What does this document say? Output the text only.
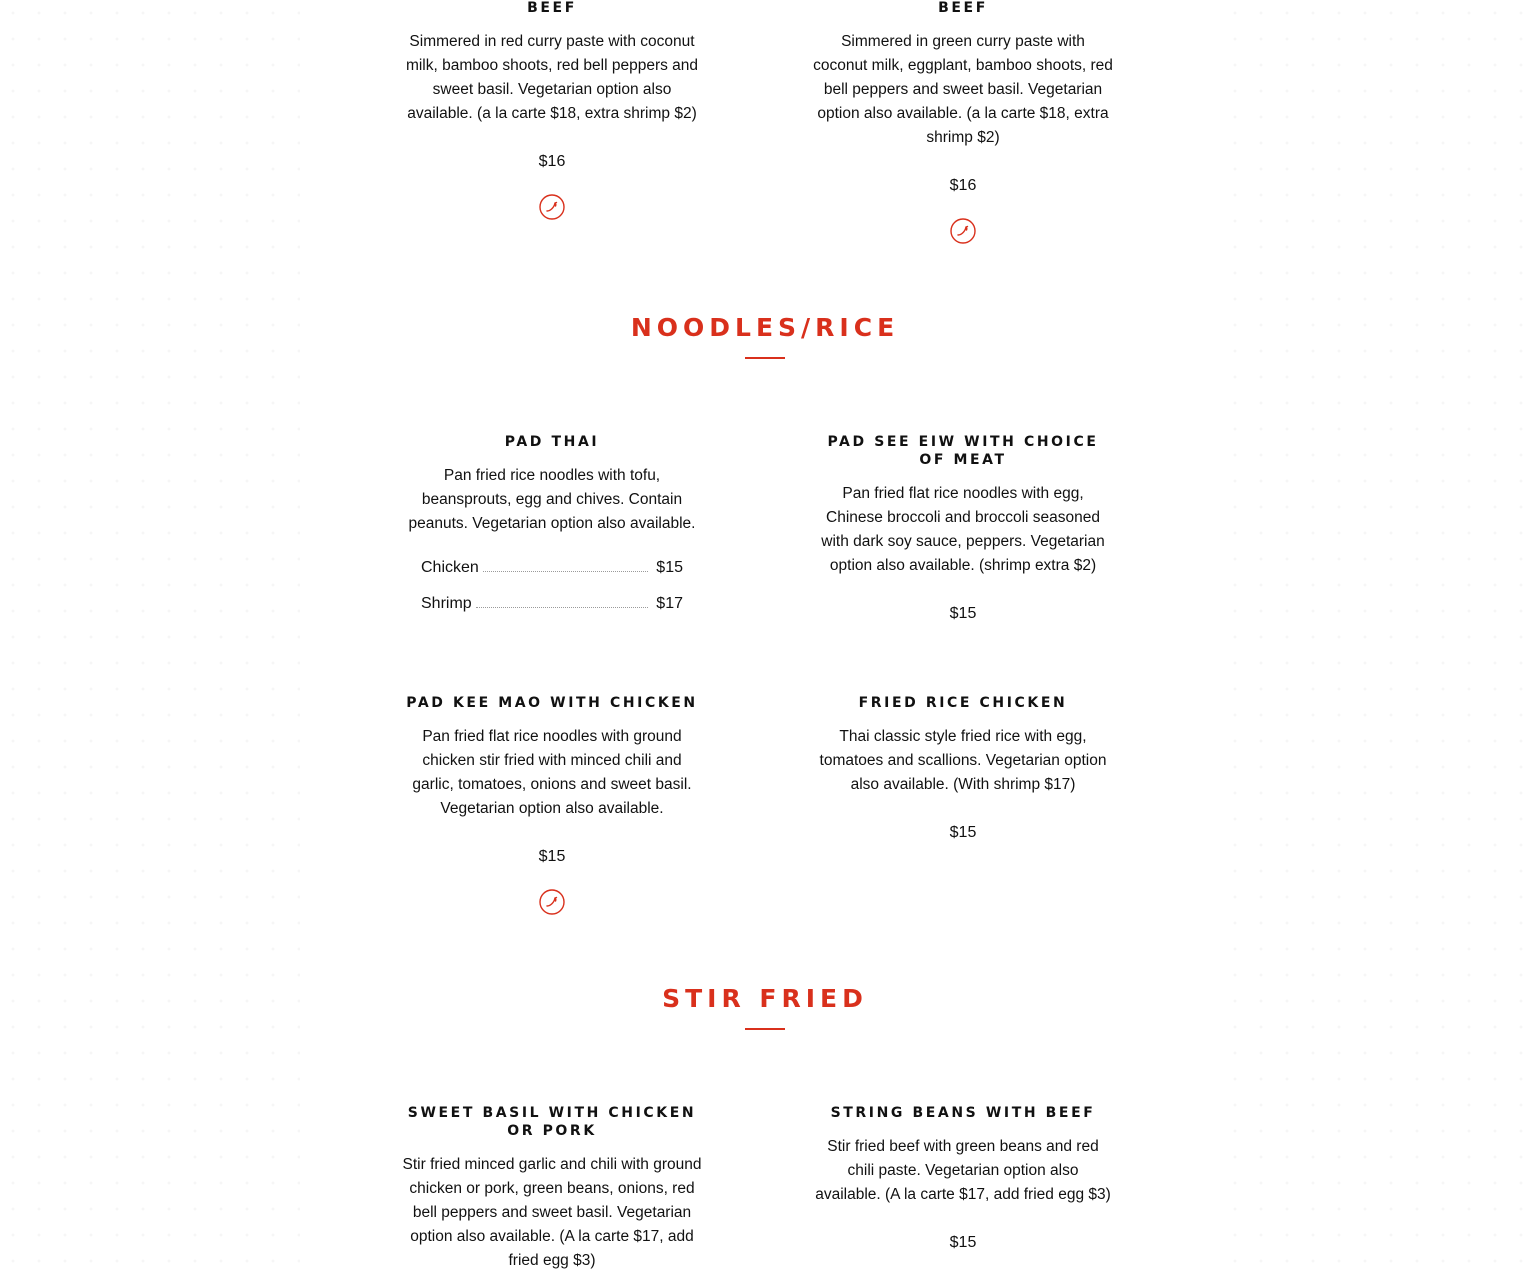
BEEF
Simmered in red curry paste with coconut milk, bamboo shoots, red bell peppers and sweet basil. Vegetarian option also available. (a la carte $18, extra shrimp $2)
$16
BEEF
Simmered in green curry paste with coconut milk, eggplant, bamboo shoots, red bell peppers and sweet basil. Vegetarian option also available. (a la carte $18, extra shrimp $2)
$16
NOODLES/RICE
PAD THAI
Pan fried rice noodles with tofu, beansprouts, egg and chives. Contain peanuts. Vegetarian option also available.
Chicken	$15
Shrimp	$17
PAD SEE EIW WITH CHOICE OF MEAT
Pan fried flat rice noodles with egg, Chinese broccoli and broccoli seasoned with dark soy sauce, peppers. Vegetarian option also available. (shrimp extra $2)
$15
PAD KEE MAO WITH CHICKEN
Pan fried flat rice noodles with ground chicken stir fried with minced chili and garlic, tomatoes, onions and sweet basil. Vegetarian option also available.
$15
FRIED RICE CHICKEN
Thai classic style fried rice with egg, tomatoes and scallions. Vegetarian option also available. (With shrimp $17)
$15
STIR FRIED
SWEET BASIL WITH CHICKEN OR PORK
Stir fried minced garlic and chili with ground chicken or pork, green beans, onions, red bell peppers and sweet basil. Vegetarian option also available. (A la carte $17, add fried egg $3)
STRING BEANS WITH BEEF
Stir fried beef with green beans and red chili paste. Vegetarian option also available. (A la carte $17, add fried egg $3)
$15
